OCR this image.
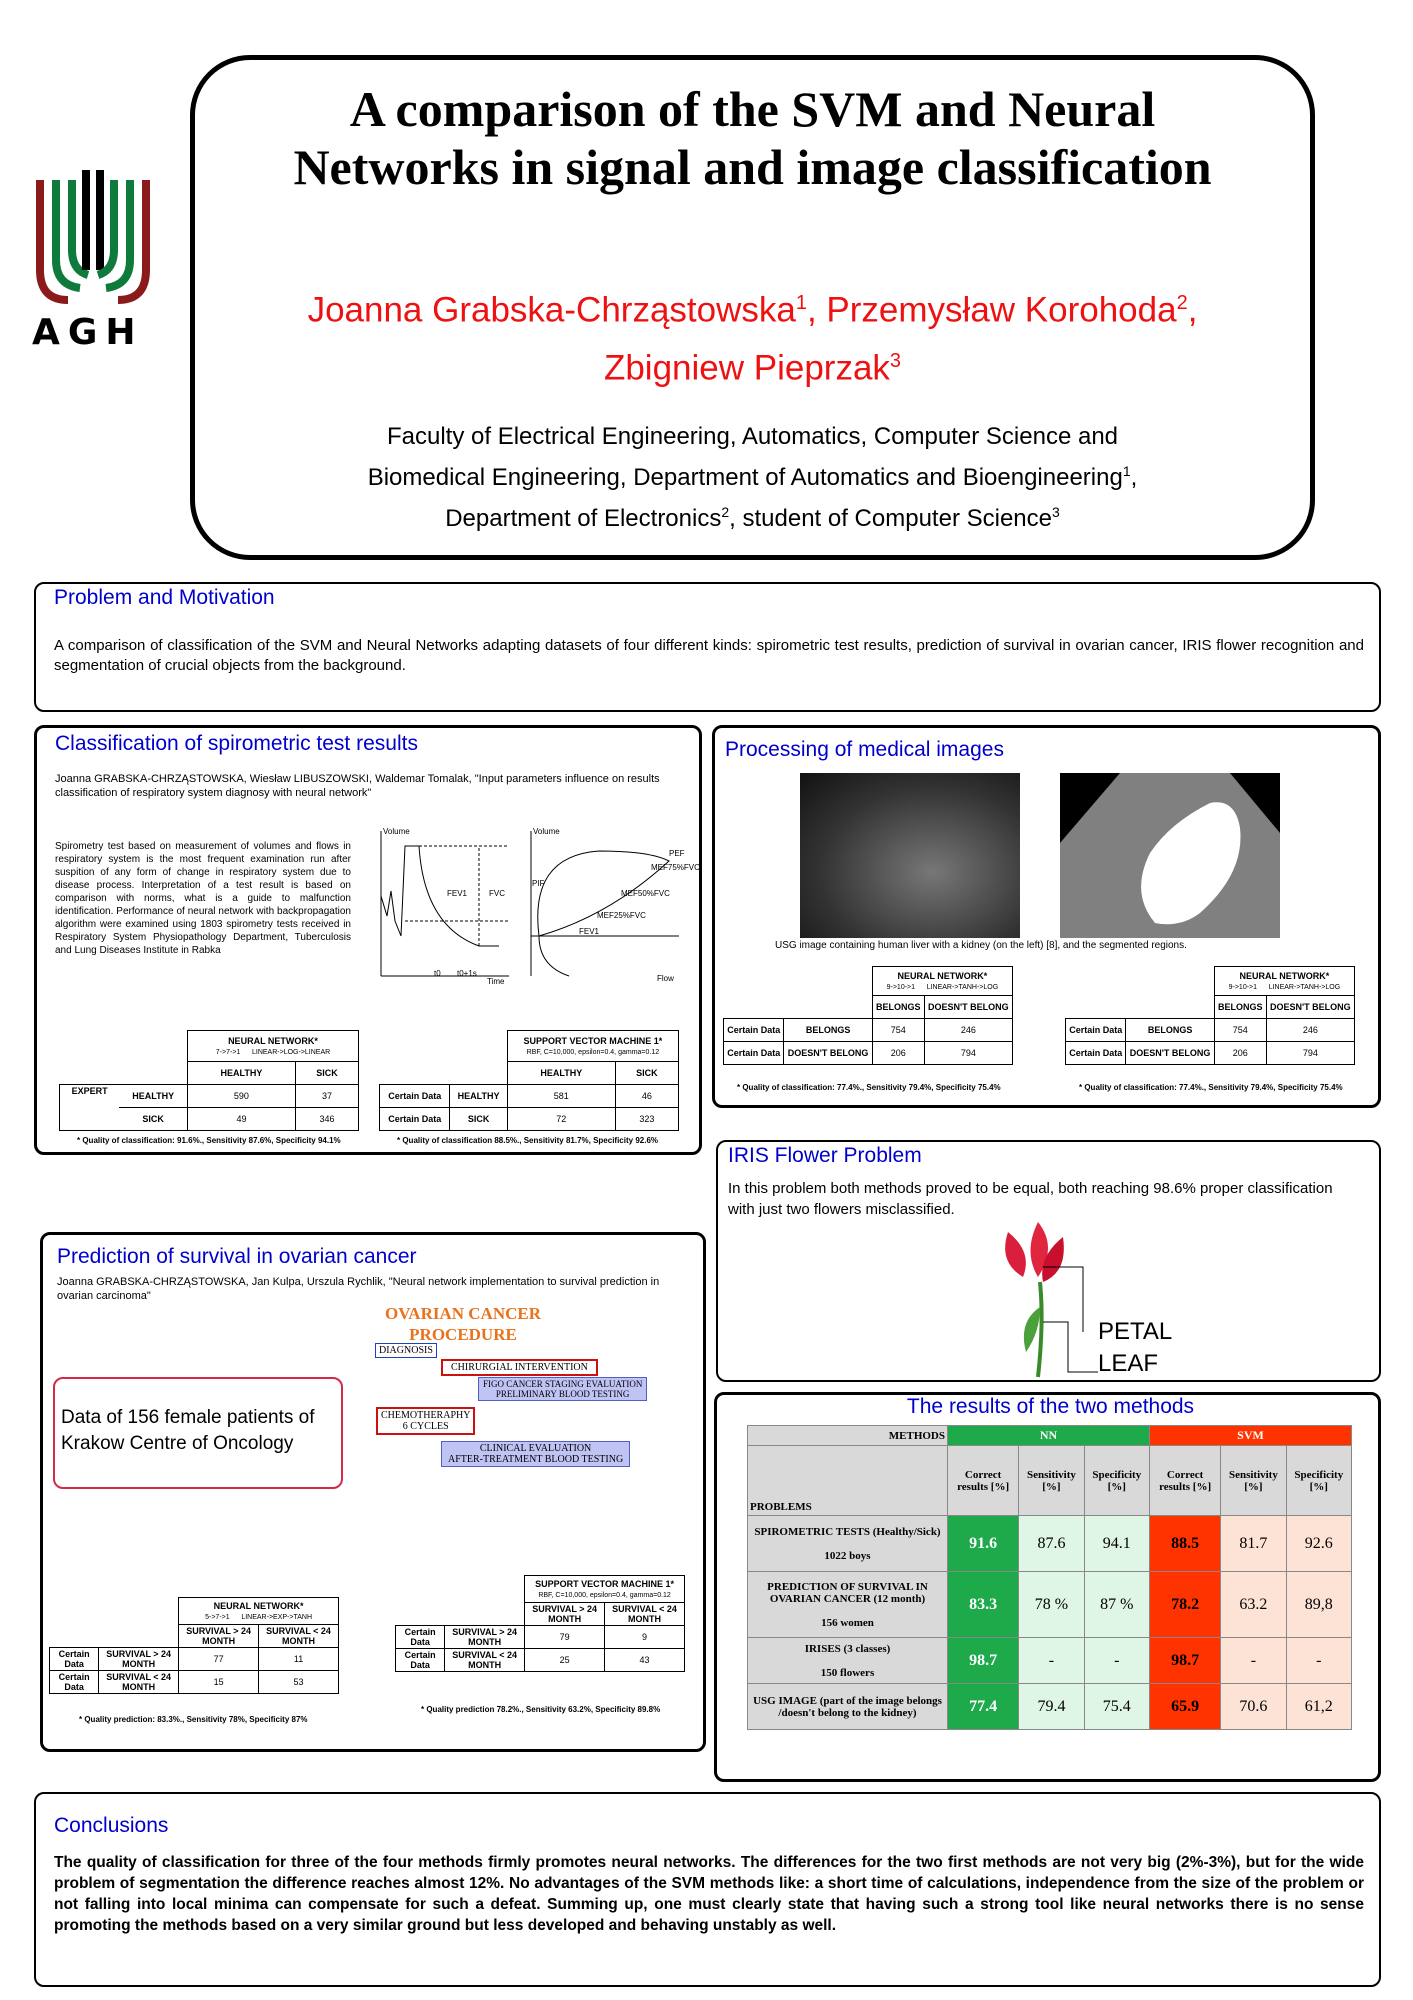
AGH
A comparison of the SVM and Neural Networks in signal and image classification
Joanna Grabska-Chrząstowska$^1$, Przemysław Korohoda$^2$,
Zbigniew Pieprzak$^3$
Faculty of Electrical Engineering, Automatics, Computer Science and
Biomedical Engineering, Department of Automatics and Bioengineering$^1$,
Department of Electronics$^2$, student of Computer Science$^3$
Problem and Motivation
A comparison of classification of the SVM and Neural Networks adapting datasets of four different kinds: spirometric test results, prediction of survival in ovarian cancer, IRIS flower recognition and segmentation of crucial objects from the background.
Classification of spirometric test results
Joanna GRABSKA-CHRZĄSTOWSKA, Wiesław LIBUSZOWSKI, Waldemar Tomalak, "Input parameters influence on results classification of respiratory system diagnosy with neural network"
Spirometry test based on measurement of volumes and flows in respiratory system is the most frequent examination run after suspition of any form of change in respiratory system due to disease process. Interpretation of a test result is based on comparison with norms, what is a guide to malfunction identification. Performance of neural network with backpropagation algorithm were examined using 1803 spirometry tests received in Respiratory System Physiopathology Department, Tuberculosis and Lung Diseases Institute in Rabka
Volume
Time
t0 t0+1s
FEV1	FVC
Volume
Flow
PEF
MEF75%FVC
MEF50%FVC
MEF25%FVC
FEV1
PIF
		NEURAL NETWORK*
7->7->1 LINEAR->LOG->LINEAR	
		HEALTHY	SICK
EXPERT	HEALTHY	590	37
	SICK	49	346
* Quality of classification: 91.6%., Sensitivity 87.6%, Specificity 94.1%
		SUPPORT VECTOR MACHINE 1*
RBF, C=10,000, epsilon=0.4, gamma=0.12	
		HEALTHY	SICK
Certain Data	HEALTHY	581	46
Certain Data	SICK	72	323
* Quality of classification 88.5%., Sensitivity 81.7%, Specificity 92.6%
Processing of medical images
USG image containing human liver with a kidney (on the left) [8], and the segmented regions.
		NEURAL NETWORK*
9->10->1 LINEAR->TANH->LOG	
		BELONGS	DOESN'T BELONG
Certain Data	BELONGS	754	246
Certain Data	DOESN'T BELONG	206	794
* Quality of classification: 77.4%., Sensitivity 79.4%, Specificity 75.4%
		NEURAL NETWORK*
9->10->1 LINEAR->TANH->LOG	
		BELONGS	DOESN'T BELONG
Certain Data	BELONGS	754	246
Certain Data	DOESN'T BELONG	206	794
* Quality of classification: 77.4%., Sensitivity 79.4%, Specificity 75.4%
IRIS Flower Problem
In this problem both methods proved to be equal, both reaching 98.6% proper classification with just two flowers misclassified.
PETAL
LEAF
Prediction of survival in ovarian cancer
Joanna GRABSKA-CHRZĄSTOWSKA, Jan Kulpa, Urszula Rychlik, "Neural network implementation to survival prediction in ovarian carcinoma"
Data of 156 female patients of Krakow Centre of Oncology
OVARIAN CANCER
PROCEDURE
DIAGNOSIS
CHIRURGIAL INTERVENTION
FIGO CANCER STAGING EVALUATION
PRELIMINARY BLOOD TESTING
CHEMOTHERAPHY
6 CYCLES
CLINICAL EVALUATION
AFTER-TREATMENT BLOOD TESTING
		NEURAL NETWORK*
5->7->1 LINEAR->EXP->TANH	
		SURVIVAL > 24 MONTH	SURVIVAL < 24 MONTH
Certain Data	SURVIVAL > 24 MONTH	77	11
Certain Data	SURVIVAL < 24 MONTH	15	53
* Quality prediction: 83.3%., Sensitivity 78%, Specificity 87%
		SUPPORT VECTOR MACHINE 1*
RBF, C=10,000, epsilon=0.4, gamma=0.12	
		SURVIVAL > 24 MONTH	SURVIVAL < 24 MONTH
Certain Data	SURVIVAL > 24 MONTH	79	9
Certain Data	SURVIVAL < 24 MONTH	25	43
* Quality prediction 78.2%., Sensitivity 63.2%, Specificity 89.8%
The results of the two methods
METHODS	NN			SVM		
PROBLEMS	Correct results [%]	Sensitivity [%]	Specificity [%]	Correct results [%]	Sensitivity [%]	Specificity [%]
SPIROMETRIC TESTS (Healthy/Sick)

1022 boys	91.6	87.6	94.1	88.5	81.7	92.6
PREDICTION OF SURVIVAL IN OVARIAN CANCER (12 month)

156 women	83.3	78 %	87 %	78.2	63.2	89,8
IRISES (3 classes)

150 flowers	98.7	-	-	98.7	-	-
USG IMAGE (part of the image belongs /doesn't belong to the kidney)	77.4	79.4	75.4	65.9	70.6	61,2
Conclusions
The quality of classification for three of the four methods firmly promotes neural networks. The differences for the two first methods are not very big (2%-3%), but for the wide problem of segmentation the difference reaches almost 12%. No advantages of the SVM methods like: a short time of calculations, independence from the size of the problem or not falling into local minima can compensate for such a defeat. Summing up, one must clearly state that having such a strong tool like neural networks there is no sense promoting the methods based on a very similar ground but less developed and behaving unstably as well.
